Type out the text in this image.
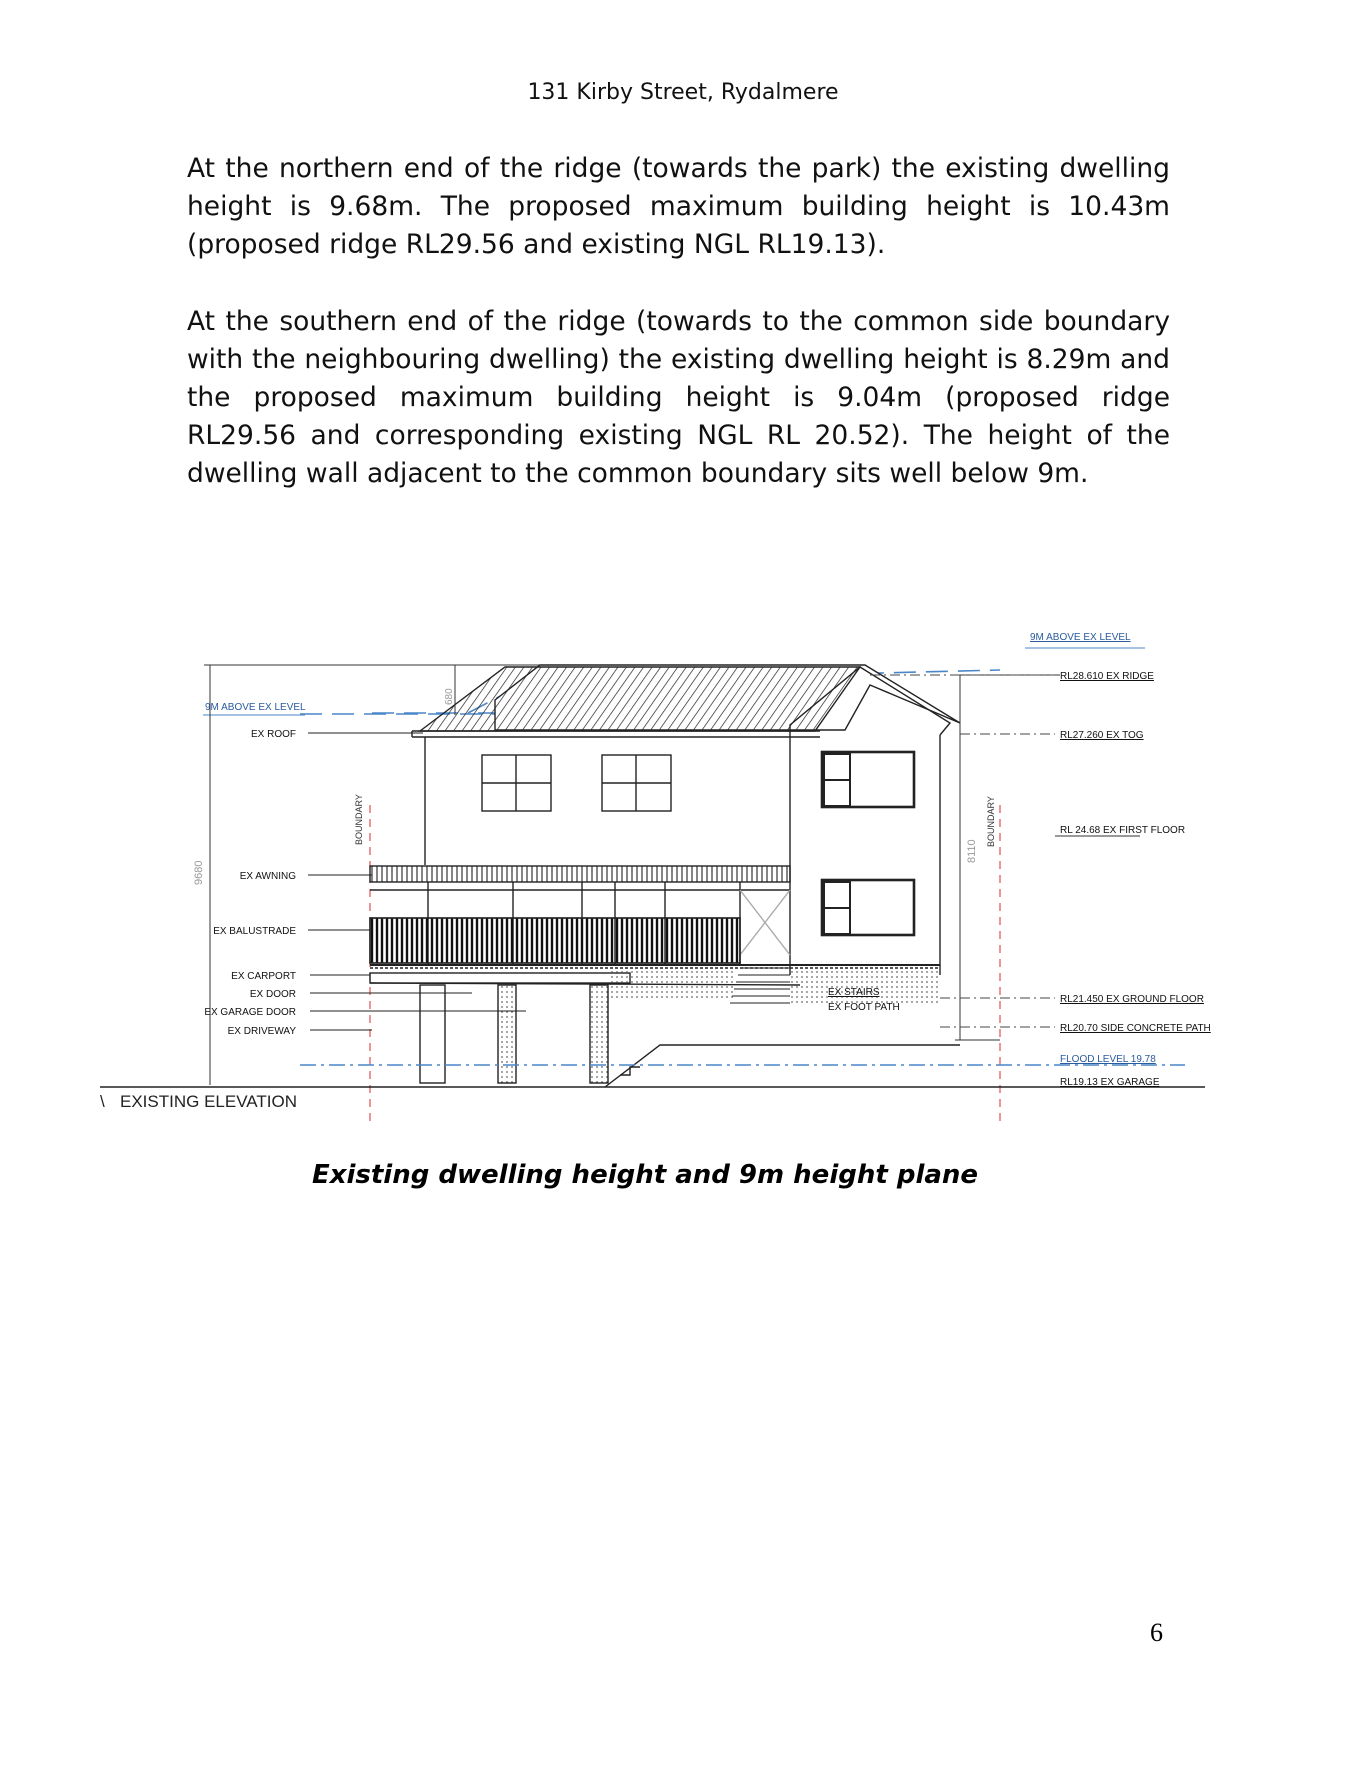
131 Kirby Street, Rydalmere
At the northern end of the ridge (towards the park) the existing dwelling height is 9.68m. The proposed maximum building height is 10.43m (proposed ridge RL29.56 and existing NGL RL19.13).
At the southern end of the ridge (towards to the common side boundary with the neighbouring dwelling) the existing dwelling height is 8.29m and the proposed maximum building height is 9.04m (proposed ridge RL29.56 and corresponding existing NGL RL 20.52). The height of the dwelling wall adjacent to the common boundary sits well below 9m.
9M ABOVE EX LEVEL
9M ABOVE EX LEVEL
9680
680
8110
BOUNDARY	BOUNDARY
EX ROOF
EX AWNING
EX BALUSTRADE
EX CARPORT
EX DOOR
EX GARAGE DOOR
EX DRIVEWAY
RL28.610 EX RIDGE
RL27.260 EX TOG
RL 24.68 EX FIRST FLOOR
RL21.450 EX GROUND FLOOR
RL20.70 SIDE CONCRETE PATH
FLOOD LEVEL 19.78
RL19.13 EX GARAGE
EX STAIRS
EX FOOT PATH
\ EXISTING ELEVATION
Existing dwelling height and 9m height plane
6
